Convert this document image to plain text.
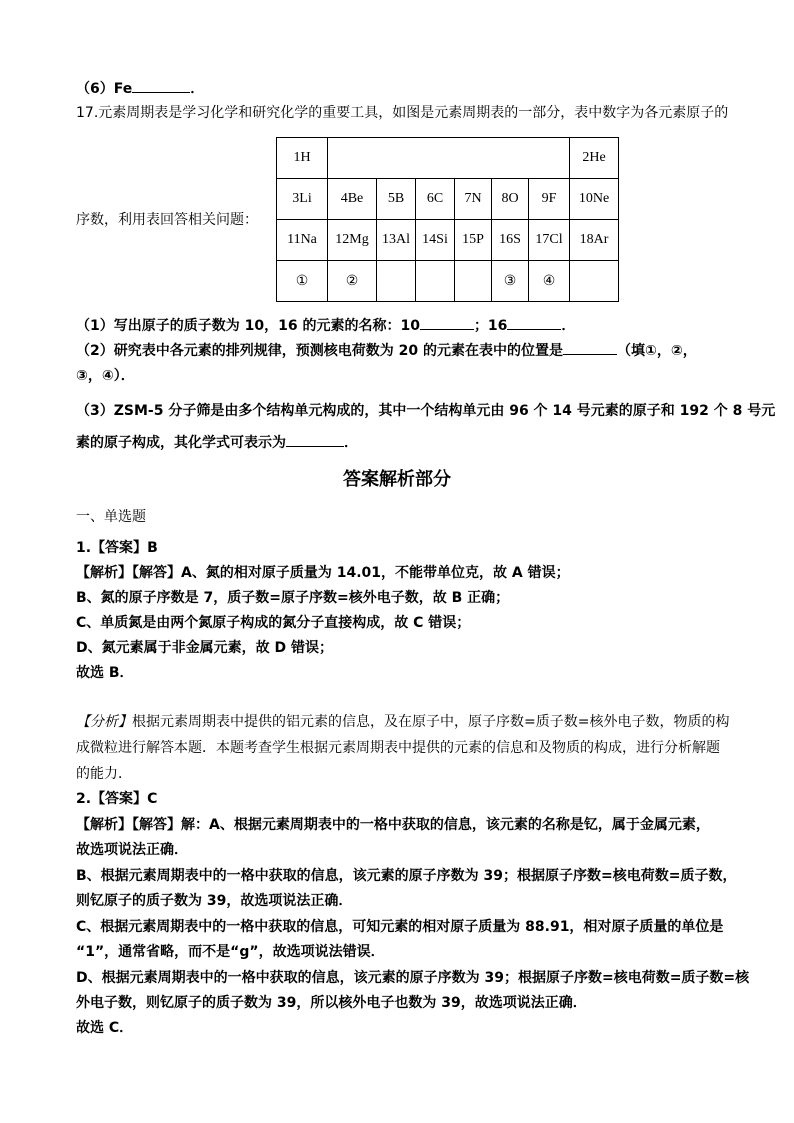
（6）Fe	．
17.元素周期表是学习化学和研究化学的重要工具，如图是元素周期表的一部分，表中数字为各元素原子的
序数，利用表回答相关问题：
1H							2He
3Li	4Be	5B	6C	7N	8O	9F	10Ne
11Na	12Mg	13Al	14Si	15P	16S	17Cl	18Ar
①	②				③	④	
（1）写出原子的质子数为 10，16 的元素的名称：10	；16	．
（2）研究表中各元素的排列规律，预测核电荷数为 20 的元素在表中的位置是	（填①，②，
③，④）．
（3）ZSM-5 分子筛是由多个结构单元构成的，其中一个结构单元由 96 个 14 号元素的原子和 192 个 8 号元
素的原子构成，其化学式可表示为	．
答案解析部分
一、单选题
1.【答案】B
【解析】【解答】A、氮的相对原子质量为 14.01，不能带单位克，故 A 错误；
B、氮的原子序数是 7，质子数=原子序数=核外电子数，故 B 正确；
C、单质氮是由两个氮原子构成的氮分子直接构成，故 C 错误；
D、氮元素属于非金属元素，故 D 错误；
故选 B．
【分析】根据元素周期表中提供的铝元素的信息，及在原子中，原子序数=质子数=核外电子数，物质的构
成微粒进行解答本题．本题考查学生根据元素周期表中提供的元素的信息和及物质的构成，进行分析解题
的能力．
2.【答案】C
【解析】【解答】解：A、根据元素周期表中的一格中获取的信息，该元素的名称是钇，属于金属元素，
故选项说法正确．
B、根据元素周期表中的一格中获取的信息，该元素的原子序数为 39；根据原子序数=核电荷数=质子数，
则钇原子的质子数为 39，故选项说法正确．
C、根据元素周期表中的一格中获取的信息，可知元素的相对原子质量为 88.91，相对原子质量的单位是
“1”，通常省略，而不是“g”，故选项说法错误．
D、根据元素周期表中的一格中获取的信息，该元素的原子序数为 39；根据原子序数=核电荷数=质子数=核
外电子数，则钇原子的质子数为 39，所以核外电子也数为 39，故选项说法正确．
故选 C．
